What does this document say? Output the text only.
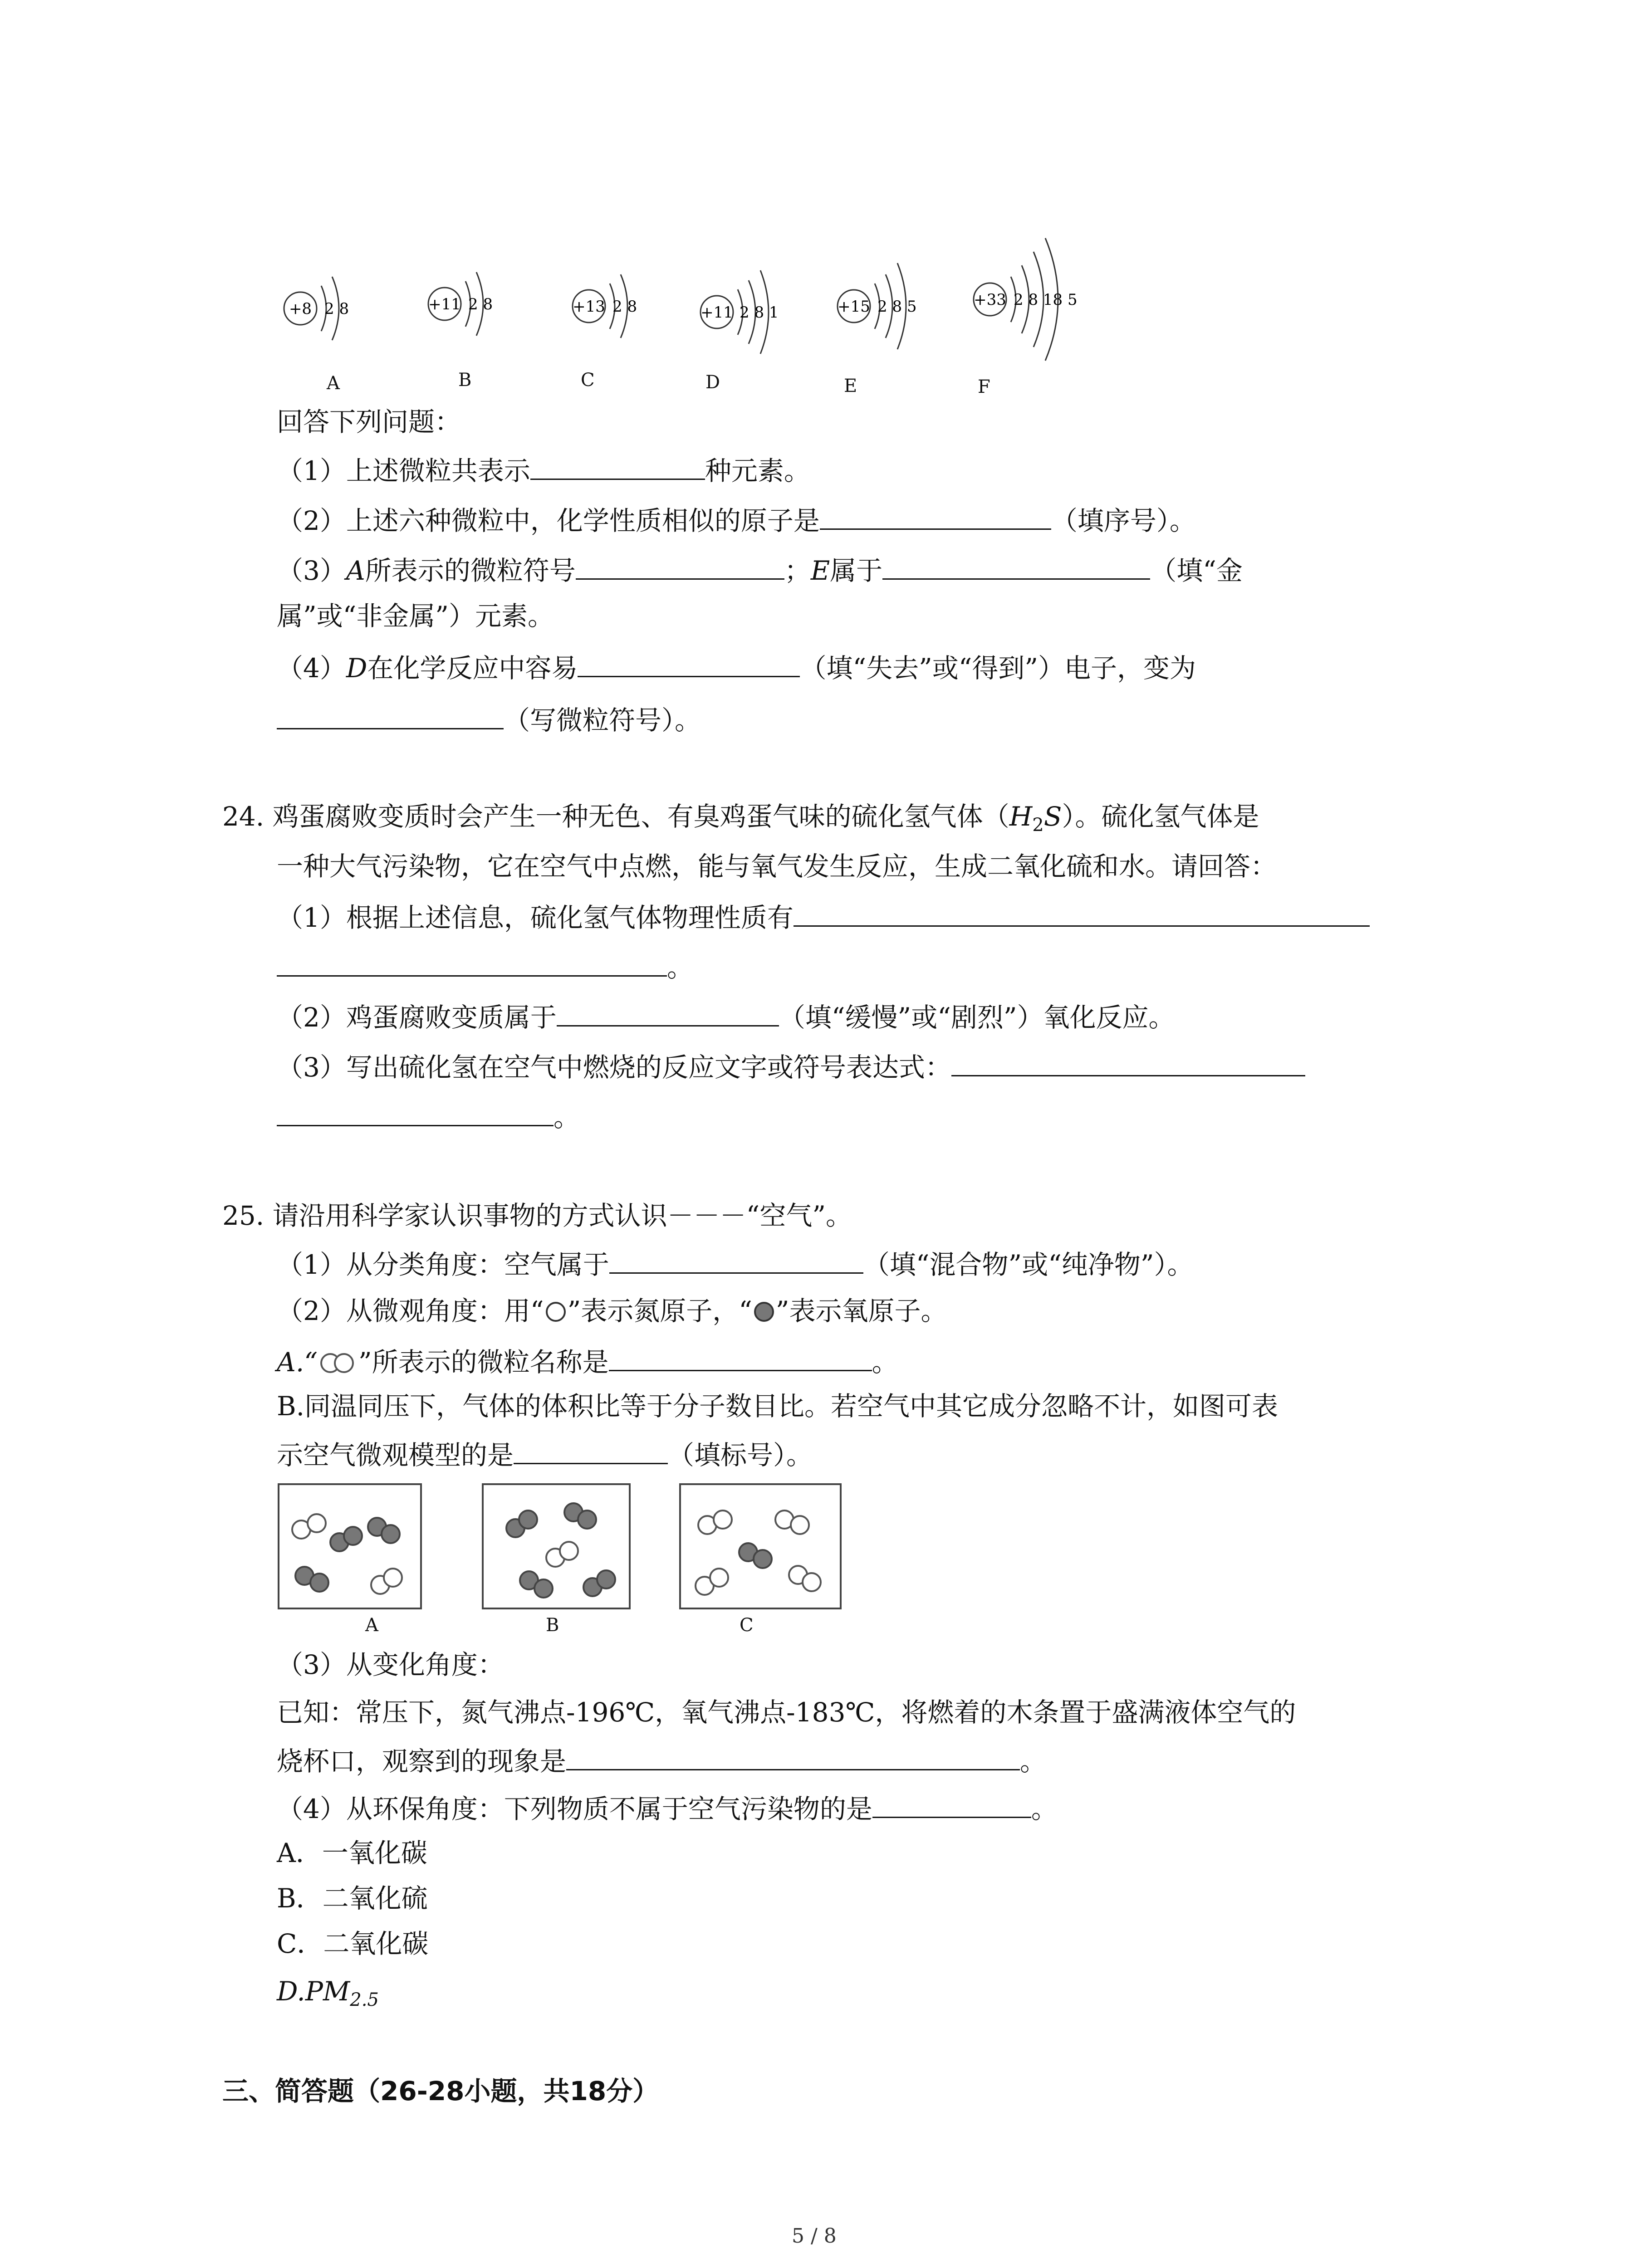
+8 2 8	+11 2 8	+13 2 8	+11 2 8 1	+15 2 8 5	+33 2 8 18 5
A	B	C	D	E	F
回答下列问题：
（1）上述微粒共表示	种元素。
（2）上述六种微粒中，化学性质相似的原子是	（填序号）。
（3）A所表示的微粒符号	；E属于	（填“金
属”或“非金属”）元素。
（4）D在化学反应中容易	（填“失去”或“得到”）电子，变为
（写微粒符号）。
24. 鸡蛋腐败变质时会产生一种无色、有臭鸡蛋气味的硫化氢气体$(H_2S)$。硫化氢气体是
一种大气污染物，它在空气中点燃，能与氧气发生反应，生成二氧化硫和水。请回答：
（1）根据上述信息，硫化氢气体物理性质有
。
（2）鸡蛋腐败变质属于	（填“缓慢”或“剧烈”）氧化反应。
（3）写出硫化氢在空气中燃烧的反应文字或符号表达式：
。
25. 请沿用科学家认识事物的方式认识－－－“空气”。
（1）从分类角度：空气属于	（填“混合物”或“纯净物”）。
（2）从微观角度：用“ ”表示氮原子，“ ”表示氧原子。
A.“ ”所表示的微粒名称是	。
B.同温同压下，气体的体积比等于分子数目比。若空气中其它成分忽略不计，如图可表
示空气微观模型的是	（填标号）。
A	B	C
（3）从变化角度：
已知：常压下，氮气沸点-196℃，氧气沸点-183℃，将燃着的木条置于盛满液体空气的
烧杯口，观察到的现象是	。
（4）从环保角度：下列物质不属于空气污染物的是	。
A．一氧化碳
B．二氧化硫
C．二氧化碳
$D.PM_{2.5}$
三、简答题（26-28小题，共18分）
5 / 8
